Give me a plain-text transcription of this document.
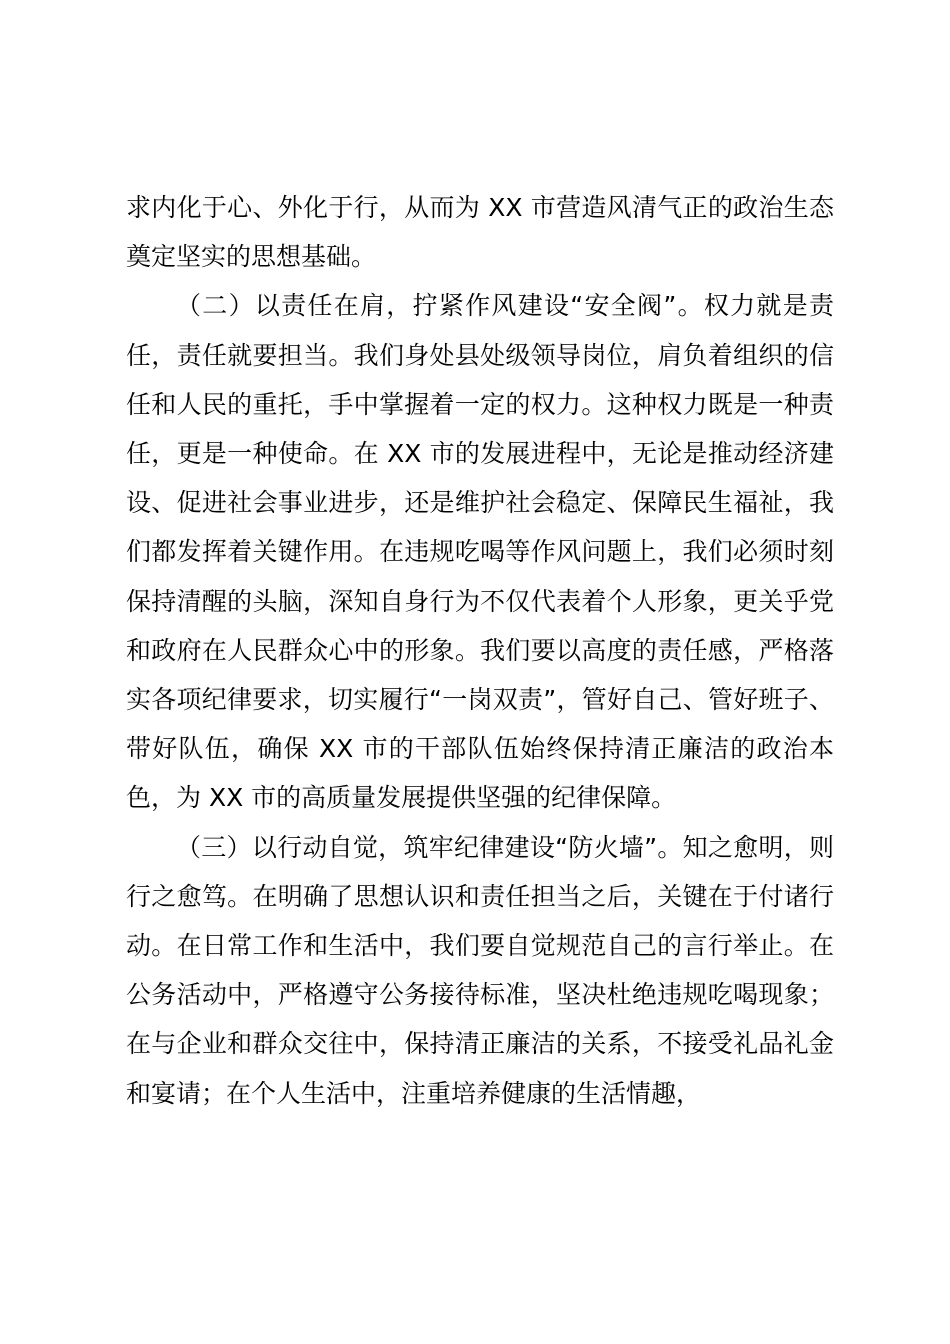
求内化于心、外化于行，从而为 XX 市营造风清气正的政治生态奠定坚实的思想基础。

（二）以责任在肩，拧紧作风建设“安全阀”。权力就是责任，责任就要担当。我们身处县处级领导岗位，肩负着组织的信任和人民的重托，手中掌握着一定的权力。这种权力既是一种责任，更是一种使命。在 XX 市的发展进程中，无论是推动经济建设、促进社会事业进步，还是维护社会稳定、保障民生福祉，我们都发挥着关键作用。在违规吃喝等作风问题上，我们必须时刻保持清醒的头脑，深知自身行为不仅代表着个人形象，更关乎党和政府在人民群众心中的形象。我们要以高度的责任感，严格落实各项纪律要求，切实履行“一岗双责”，管好自己、管好班子、带好队伍，确保 XX 市的干部队伍始终保持清正廉洁的政治本色，为 XX 市的高质量发展提供坚强的纪律保障。

（三）以行动自觉，筑牢纪律建设“防火墙”。知之愈明，则行之愈笃。在明确了思想认识和责任担当之后，关键在于付诸行动。在日常工作和生活中，我们要自觉规范自己的言行举止。在公务活动中，严格遵守公务接待标准，坚决杜绝违规吃喝现象；在与企业和群众交往中，保持清正廉洁的关系，不接受礼品礼金和宴请；在个人生活中，注重培养健康的生活情趣，
